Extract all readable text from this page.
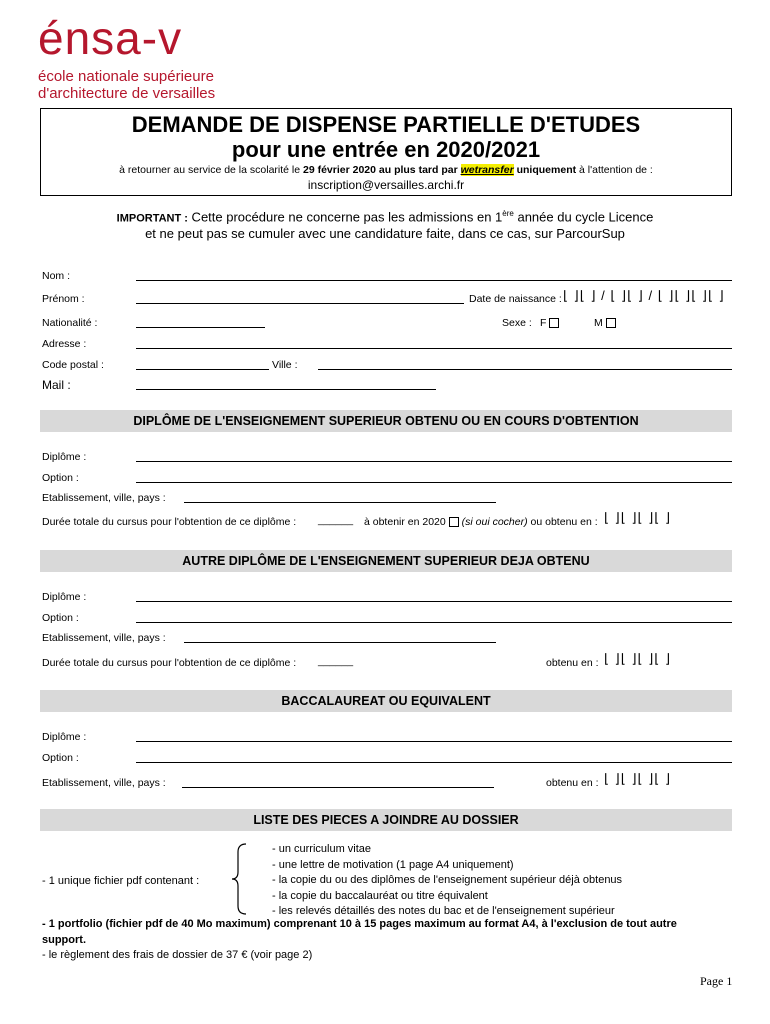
énsa-v
école nationale supérieure
d'architecture de versailles
DEMANDE DE DISPENSE PARTIELLE D'ETUDES
pour une entrée en 2020/2021
à retourner au service de la scolarité le 29 février 2020 au plus tard par wetransfer uniquement à l'attention de :
inscription@versailles.archi.fr
IMPORTANT : Cette procédure ne concerne pas les admissions en 1ère année du cycle Licence
et ne peut pas se cumuler avec une candidature faite, dans ce cas, sur ParcourSup
Nom :
Prénom :	Date de naissance : ⌊ ⌋⌊ ⌋ / ⌊ ⌋⌊ ⌋ / ⌊ ⌋⌊ ⌋⌊ ⌋⌊ ⌋
Nationalité :	Sexe : F	M
Adresse :
Code postal :	Ville :
Mail :
DIPLÔME DE L'ENSEIGNEMENT SUPERIEUR OBTENU OU EN COURS D'OBTENTION
Diplôme :
Option :
Etablissement, ville, pays :
Durée totale du cursus pour l'obtention de ce diplôme : ______ à obtenir en 2020 (si oui cocher) ou obtenu en : ⌊ ⌋⌊ ⌋⌊ ⌋⌊ ⌋
AUTRE DIPLÔME DE L'ENSEIGNEMENT SUPERIEUR DEJA OBTENU
Diplôme :
Option :
Etablissement, ville, pays :
Durée totale du cursus pour l'obtention de ce diplôme : ______	obtenu en : ⌊ ⌋⌊ ⌋⌊ ⌋⌊ ⌋
BACCALAUREAT OU EQUIVALENT
Diplôme :
Option :
Etablissement, ville, pays :	obtenu en : ⌊ ⌋⌊ ⌋⌊ ⌋⌊ ⌋
LISTE DES PIECES A JOINDRE AU DOSSIER
- 1 unique fichier pdf contenant :
- un curriculum vitae
- une lettre de motivation (1 page A4 uniquement)
- la copie du ou des diplômes de l'enseignement supérieur déjà obtenus
- la copie du baccalauréat ou titre équivalent
- les relevés détaillés des notes du bac et de l'enseignement supérieur
- 1 portfolio (fichier pdf de 40 Mo maximum) comprenant 10 à 15 pages maximum au format A4, à l'exclusion de tout autre
support.
- le règlement des frais de dossier de 37 € (voir page 2)
Page 1
